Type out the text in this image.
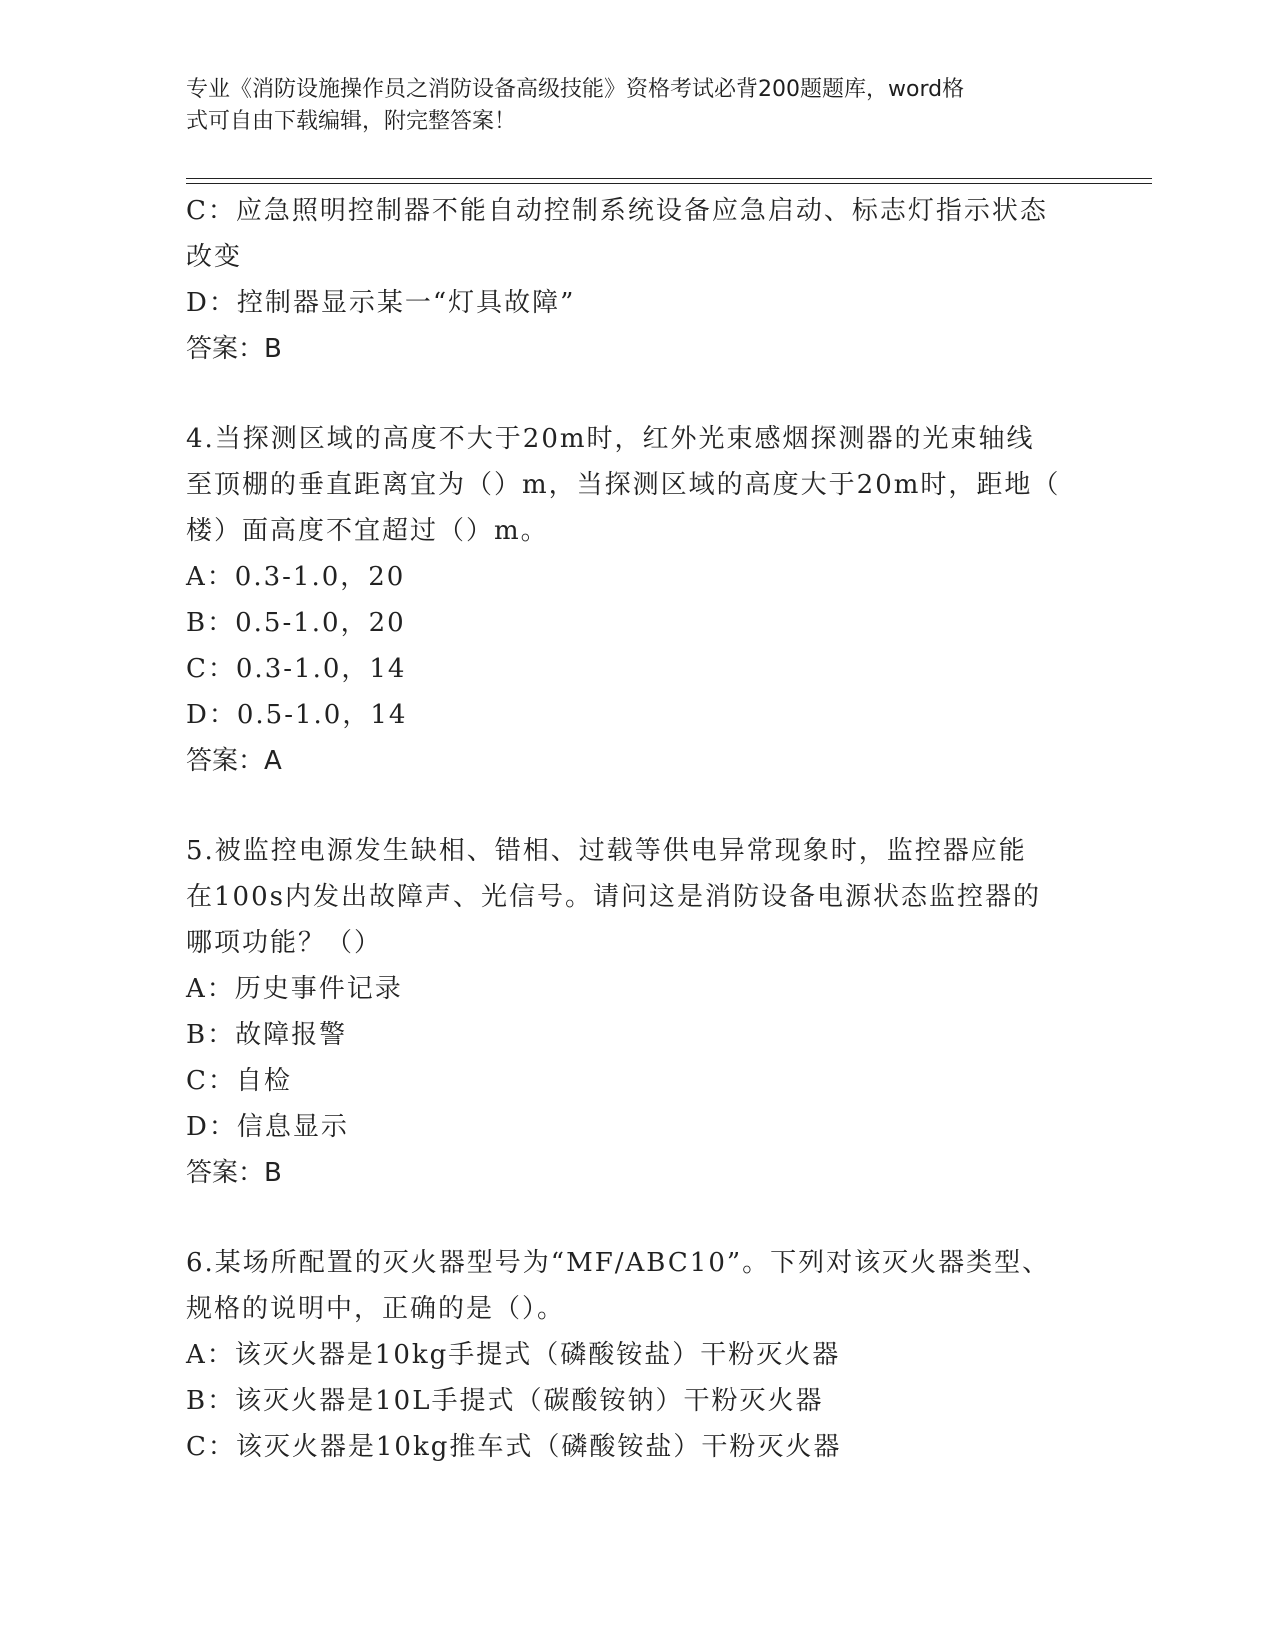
专业《消防设施操作员之消防设备高级技能》资格考试必背200题题库，word格
式可自由下载编辑，附完整答案！
C：应急照明控制器不能自动控制系统设备应急启动、标志灯指示状态
改变
D：控制器显示某一“灯具故障”
答案：B
4.当探测区域的高度不大于20m时，红外光束感烟探测器的光束轴线
至顶棚的垂直距离宜为（）m，当探测区域的高度大于20m时，距地（
楼）面高度不宜超过（）m。
A：0.3-1.0，20
B：0.5-1.0，20
C：0.3-1.0，14
D：0.5-1.0，14
答案：A
5.被监控电源发生缺相、错相、过载等供电异常现象时，监控器应能
在100s内发出故障声、光信号。请问这是消防设备电源状态监控器的
哪项功能？（）
A：历史事件记录
B：故障报警
C：自检
D：信息显示
答案：B
6.某场所配置的灭火器型号为“MF/ABC10”。下列对该灭火器类型、
规格的说明中，正确的是（）。
A：该灭火器是10kg手提式（磷酸铵盐）干粉灭火器
B：该灭火器是10L手提式（碳酸铵钠）干粉灭火器
C：该灭火器是10kg推车式（磷酸铵盐）干粉灭火器
